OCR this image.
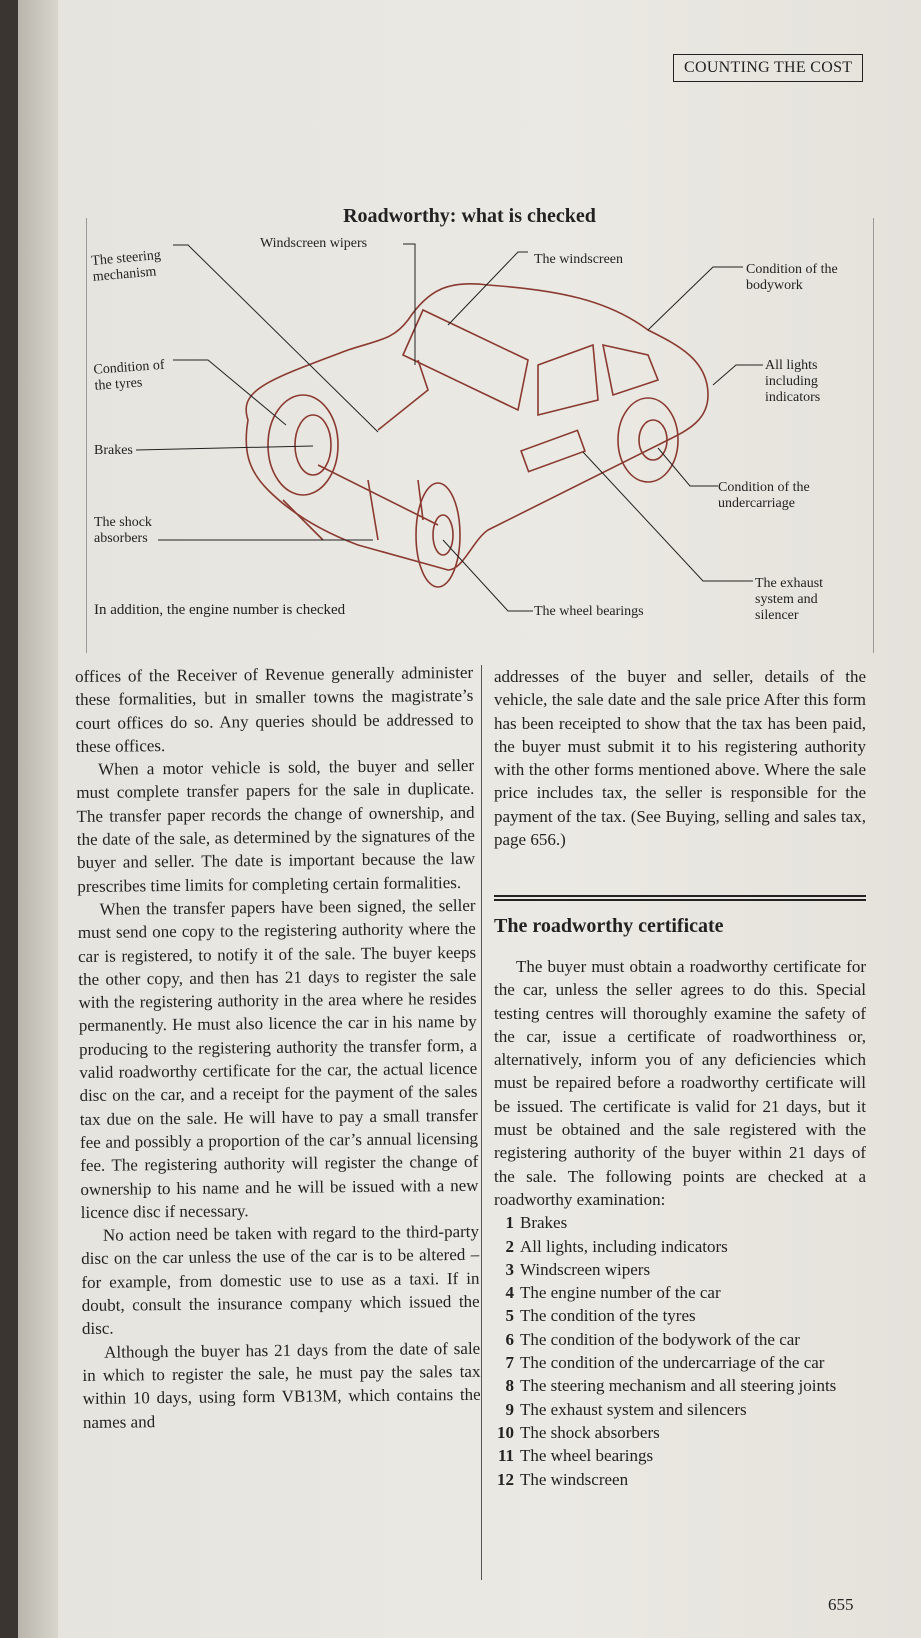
COUNTING THE COST
Roadworthy: what is checked
The steering mechanism
Windscreen wipers
The windscreen
Condition of the bodywork
Condition of the tyres
All lights including indicators
Brakes
Condition of the undercarriage
The shock absorbers
The exhaust system and silencer
The wheel bearings
In addition, the engine number is checked

offices of the Receiver of Revenue generally administer these formalities, but in smaller towns the magistrate’s court offices do so. Any queries should be addressed to these offices.

When a motor vehicle is sold, the buyer and seller must complete transfer papers for the sale in duplicate. The transfer paper records the change of ownership, and the date of the sale, as determined by the signatures of the buyer and seller. The date is important because the law prescribes time limits for completing certain formalities.

When the transfer papers have been signed, the seller must send one copy to the registering authority where the car is registered, to notify it of the sale. The buyer keeps the other copy, and then has 21 days to register the sale with the registering authority in the area where he resides permanently. He must also licence the car in his name by producing to the registering authority the transfer form, a valid roadworthy certificate for the car, the actual licence disc on the car, and a receipt for the payment of the sales tax due on the sale. He will have to pay a small transfer fee and possibly a proportion of the car’s annual licensing fee. The registering authority will register the change of ownership to his name and he will be issued with a new licence disc if necessary.

No action need be taken with regard to the third-party disc on the car unless the use of the car is to be altered – for example, from domestic use to use as a taxi. If in doubt, consult the insurance company which issued the disc.

Although the buyer has 21 days from the date of sale in which to register the sale, he must pay the sales tax within 10 days, using form VB13M, which contains the names and

addresses of the buyer and seller, details of the vehicle, the sale date and the sale price After this form has been receipted to show that the tax has been paid, the buyer must submit it to his registering authority with the other forms mentioned above. Where the sale price includes tax, the seller is responsible for the payment of the tax. (See Buying, selling and sales tax, page 656.)

The roadworthy certificate

The buyer must obtain a roadworthy certificate for the car, unless the seller agrees to do this. Special testing centres will thoroughly examine the safety of the car, issue a certificate of roadworthiness or, alternatively, inform you of any deficiencies which must be repaired before a roadworthy certificate will be issued. The certificate is valid for 21 days, but it must be obtained and the sale registered with the registering authority of the buyer within 21 days of the sale. The following points are checked at a roadworthy examination:

1 Brakes
2 All lights, including indicators
3 Windscreen wipers
4 The engine number of the car
5 The condition of the tyres
6 The condition of the bodywork of the car
7 The condition of the undercarriage of the car
8 The steering mechanism and all steering joints
9 The exhaust system and silencers
10 The shock absorbers
11 The wheel bearings
12 The windscreen
655
